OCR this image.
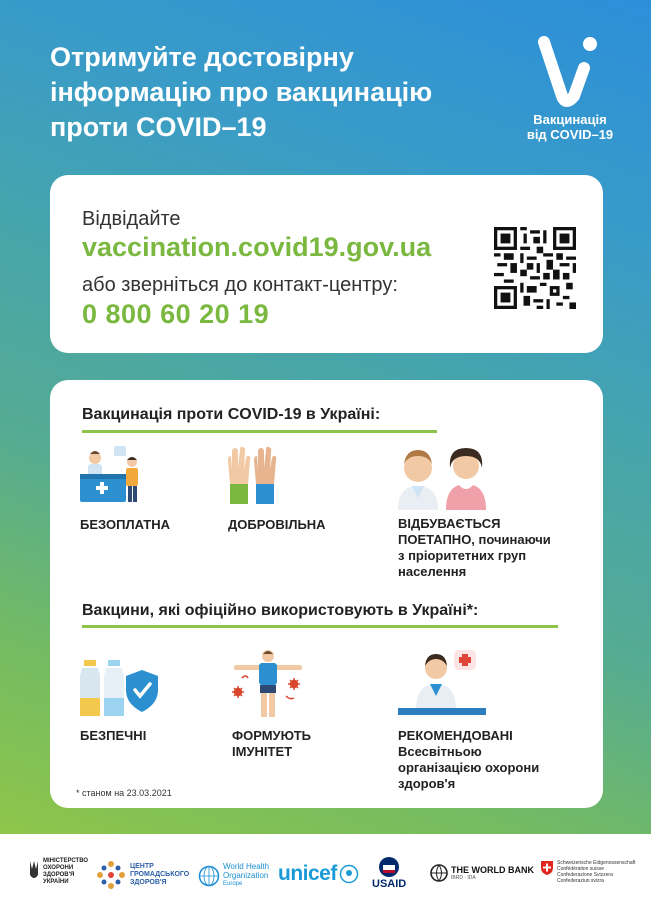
Отримуйте достовірну
інформацію про вакцинацію
проти COVID–19	Вакцинація
від COVID–19
Відвідайте
vaccination.covid19.gov.ua
або зверніться до контакт-центру:
0 800 60 20 19
Вакцинація проти COVID-19 в Україні:
БЕЗОПЛАТНА	ДОБРОВІЛЬНА	ВІДБУВАЄТЬСЯ
ПОЕТАПНО, починаючи
з пріоритетних груп
населення
Вакцини, які офіційно використовують в Україні*:
БЕЗПЕЧНІ	ФОРМУЮТЬ
ІМУНІТЕТ
РЕКОМЕНДОВАНІ
Всесвітньою
організацією охорони
здоров'я
* станом на 23.03.2021
МІНІСТЕРСТВО
ОХОРОНИ
ЗДОРОВ'Я
УКРАЇНИ
ЦЕНТР
ГРОМАДСЬКОГО
ЗДОРОВ'Я
World Health
Organization
Europe	unicef	USAID
THE WORLD BANK
IBRD · IDA
Schweizerische Eidgenossenschaft
Confédération suisse
Confederazione Svizzera
Confederaziun svizra
